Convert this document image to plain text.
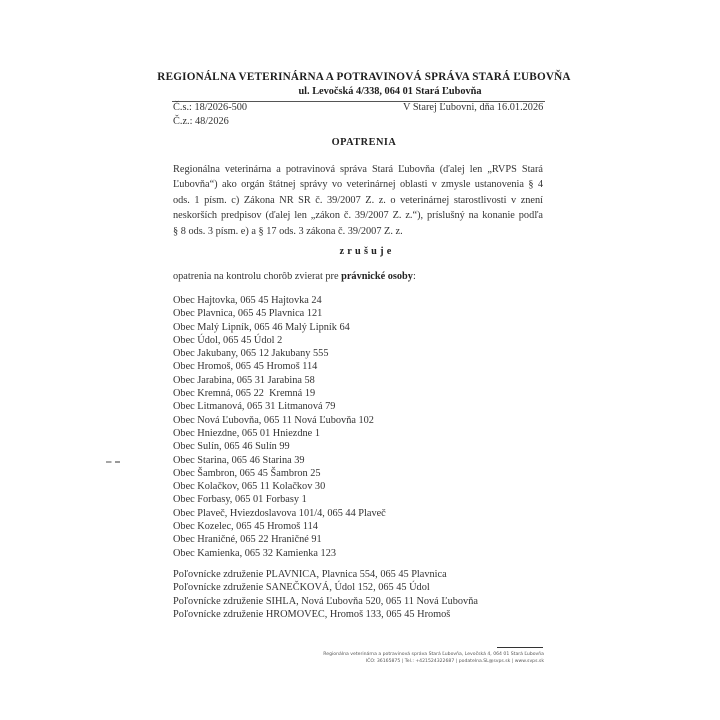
REGIONÁLNA VETERINÁRNA A POTRAVINOVÁ SPRÁVA STARÁ ĽUBOVŇA
ul. Levočská 4/338, 064 01 Stará Ľubovňa
Č.s.: 18/2026-500
Č.z.: 48/2026
V Starej Ľubovni, dňa 16.01.2026
OPATRENIA
Regionálna veterinárna a potravinová správa Stará Ľubovňa (ďalej len „RVPS Stará
Ľubovňa“) ako orgán štátnej správy vo veterinárnej oblasti v zmysle ustanovenia § 4
ods. 1 písm. c) Zákona NR SR č. 39/2007 Z. z. o veterinárnej starostlivosti v znení
neskorších predpisov (ďalej len „zákon č. 39/2007 Z. z.“), príslušný na konanie podľa
§ 8 ods. 3 písm. e) a § 17 ods. 3 zákona č. 39/2007 Z. z.
zrušuje
opatrenia na kontrolu chorôb zvierat pre právnické osoby:
Obec Hajtovka, 065 45 Hajtovka 24
Obec Plavnica, 065 45 Plavnica 121
Obec Malý Lipník, 065 46 Malý Lipník 64
Obec Údol, 065 45 Údol 2
Obec Jakubany, 065 12 Jakubany 555
Obec Hromoš, 065 45 Hromoš 114
Obec Jarabina, 065 31 Jarabina 58
Obec Kremná, 065 22  Kremná 19
Obec Litmanová, 065 31 Litmanová 79
Obec Nová Ľubovňa, 065 11 Nová Ľubovňa 102
Obec Hniezdne, 065 01 Hniezdne 1
Obec Sulín, 065 46 Sulín 99
Obec Starina, 065 46 Starina 39
Obec Šambron, 065 45 Šambron 25
Obec Kolačkov, 065 11 Kolačkov 30
Obec Forbasy, 065 01 Forbasy 1
Obec Plaveč, Hviezdoslavova 101/4, 065 44 Plaveč
Obec Kozelec, 065 45 Hromoš 114
Obec Hraničné, 065 22 Hraničné 91
Obec Kamienka, 065 32 Kamienka 123
Poľovnícke združenie PLAVNICA, Plavnica 554, 065 45 Plavnica
Poľovnícke združenie SANEČKOVÁ, Údol 152, 065 45 Údol
Poľovnícke združenie SIHLA, Nová Ľubovňa 520, 065 11 Nová Ľubovňa
Poľovnícke združenie HROMOVEC, Hromoš 133, 065 45 Hromoš
Regionálna veterinárna a potravinová správa Stará Ľubovňa, Levočská 4, 064 01 Stará Ľubovňa
IČO: 36165875 | Tel.: +421524322687 | podatelna.SL@svps.sk | www.svps.sk
